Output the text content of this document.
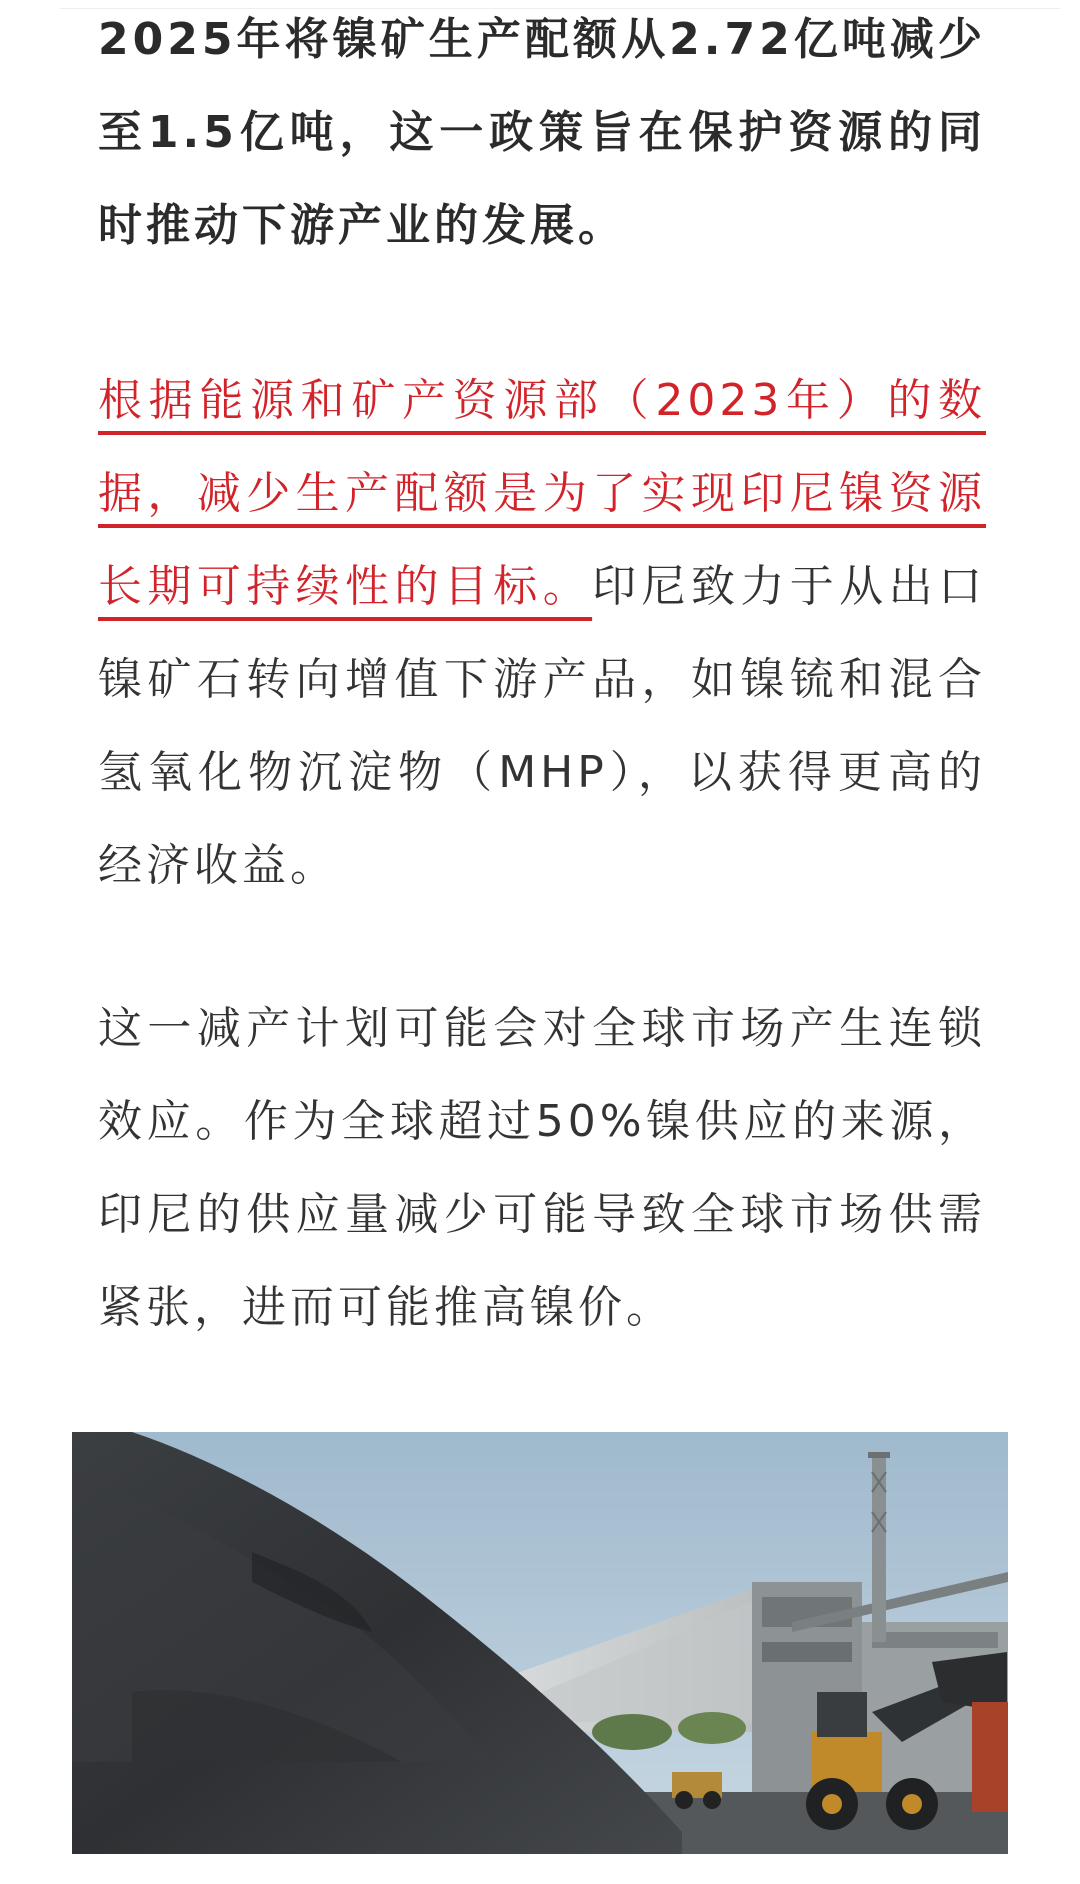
2025年将镍矿生产配额从2.72亿吨减少至1.5亿吨，这一政策旨在保护资源的同时推动下游产业的发展。

根据能源和矿产资源部（2023年）的数据，减少生产配额是为了实现印尼镍资源长期可持续性的目标。印尼致力于从出口镍矿石转向增值下游产品，如镍锍和混合氢氧化物沉淀物（MHP），以获得更高的经济收益。

这一减产计划可能会对全球市场产生连锁效应。作为全球超过50%镍供应的来源，印尼的供应量减少可能导致全球市场供需紧张，进而可能推高镍价。
